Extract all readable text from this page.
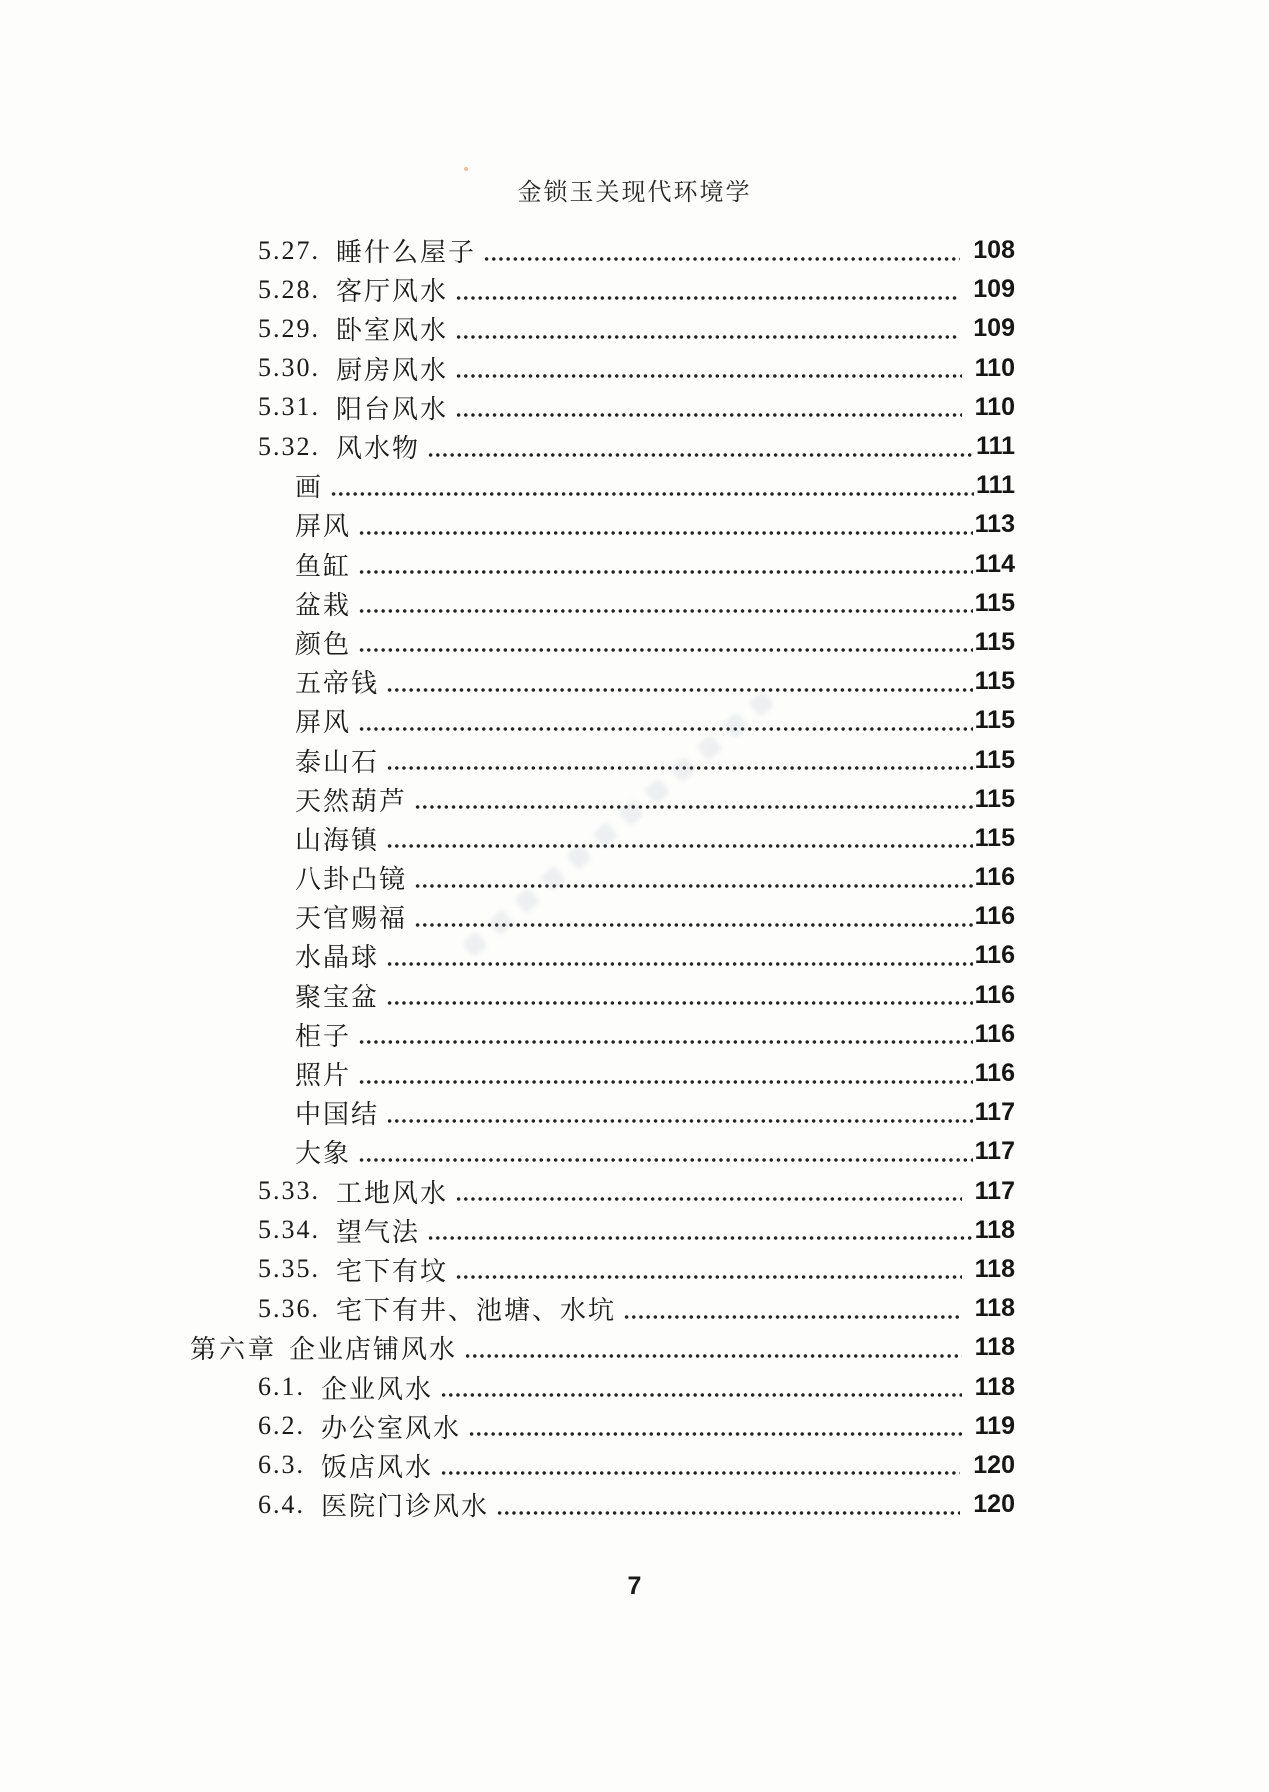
金锁玉关现代环境学
5.27. 睡什么屋子	108
5.28. 客厅风水	109
5.29. 卧室风水	109
5.30. 厨房风水	110
5.31. 阳台风水	110
5.32. 风水物	111
画	111
屏风	113
鱼缸	114
盆栽	115
颜色	115
五帝钱	115
屏风	115
泰山石	115
天然葫芦	115
山海镇	115
八卦凸镜	116
天官赐福	116
水晶球	116
聚宝盆	116
柜子	116
照片	116
中国结	117
大象	117
5.33. 工地风水	117
5.34. 望气法	118
5.35. 宅下有坟	118
5.36. 宅下有井、池塘、水坑	118
第六章 企业店铺风水	118
6.1. 企业风水	118
6.2. 办公室风水	119
6.3. 饭店风水	120
6.4. 医院门诊风水	120
7
